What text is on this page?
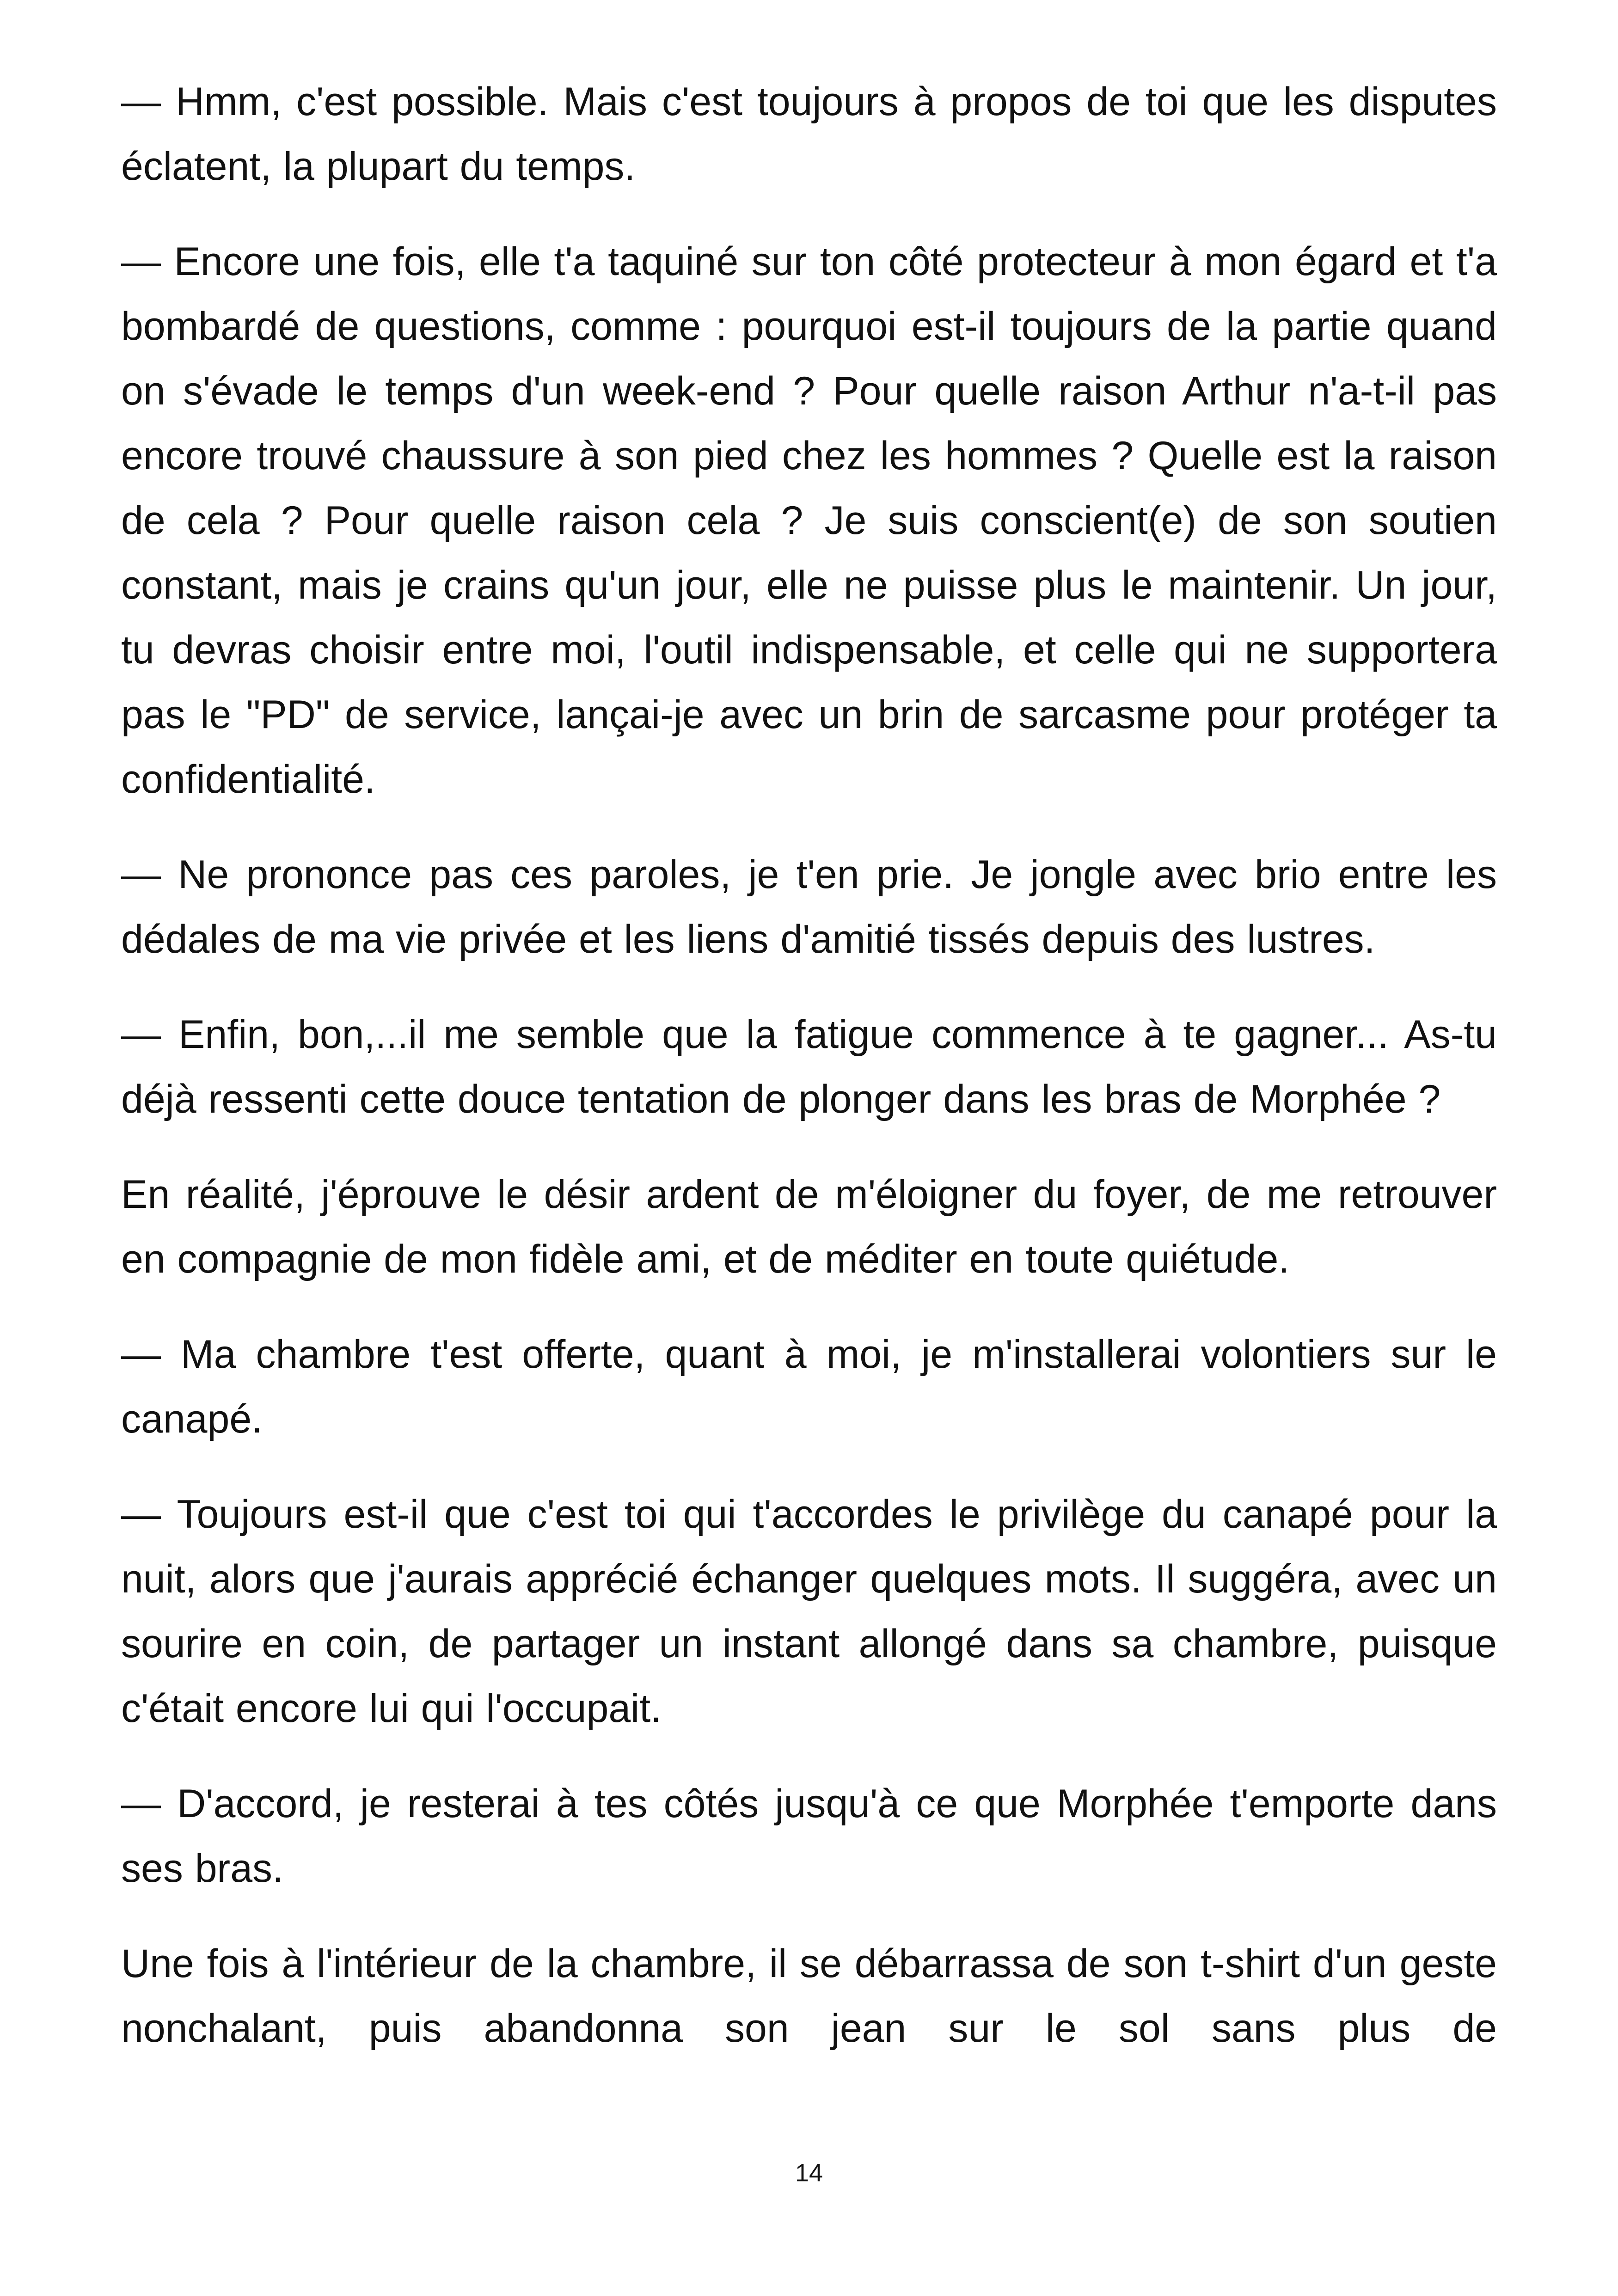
— Hmm, c'est possible. Mais c'est toujours à propos de toi que les disputes éclatent, la plupart du temps.

— Encore une fois, elle t'a taquiné sur ton côté protecteur à mon égard et t'a bombardé de questions, comme : pourquoi est-il toujours de la partie quand on s'évade le temps d'un week-end ? Pour quelle raison Arthur n'a-t-il pas encore trouvé chaussure à son pied chez les hommes ? Quelle est la raison de cela ? Pour quelle raison cela ? Je suis conscient(e) de son soutien constant, mais je crains qu'un jour, elle ne puisse plus le maintenir. Un jour, tu devras choisir entre moi, l'outil indispensable, et celle qui ne supportera pas le "PD" de service, lançai-je avec un brin de sarcasme pour protéger ta confidentialité.

— Ne prononce pas ces paroles, je t'en prie. Je jongle avec brio entre les dédales de ma vie privée et les liens d'amitié tissés depuis des lustres.

— Enfin, bon,...il me semble que la fatigue commence à te gagner... As-tu déjà ressenti cette douce tentation de plonger dans les bras de Morphée ?

En réalité, j'éprouve le désir ardent de m'éloigner du foyer, de me retrouver en compagnie de mon fidèle ami, et de méditer en toute quiétude.

— Ma chambre t'est offerte, quant à moi, je m'installerai volontiers sur le canapé.

— Toujours est-il que c'est toi qui t'accordes le privilège du canapé pour la nuit, alors que j'aurais apprécié échanger quelques mots. Il suggéra, avec un sourire en coin, de partager un instant allongé dans sa chambre, puisque c'était encore lui qui l'occupait.

— D'accord, je resterai à tes côtés jusqu'à ce que Morphée t'emporte dans ses bras.

Une fois à l'intérieur de la chambre, il se débarrassa de son t-shirt d'un geste nonchalant, puis abandonna son jean sur le sol sans plus de

14
